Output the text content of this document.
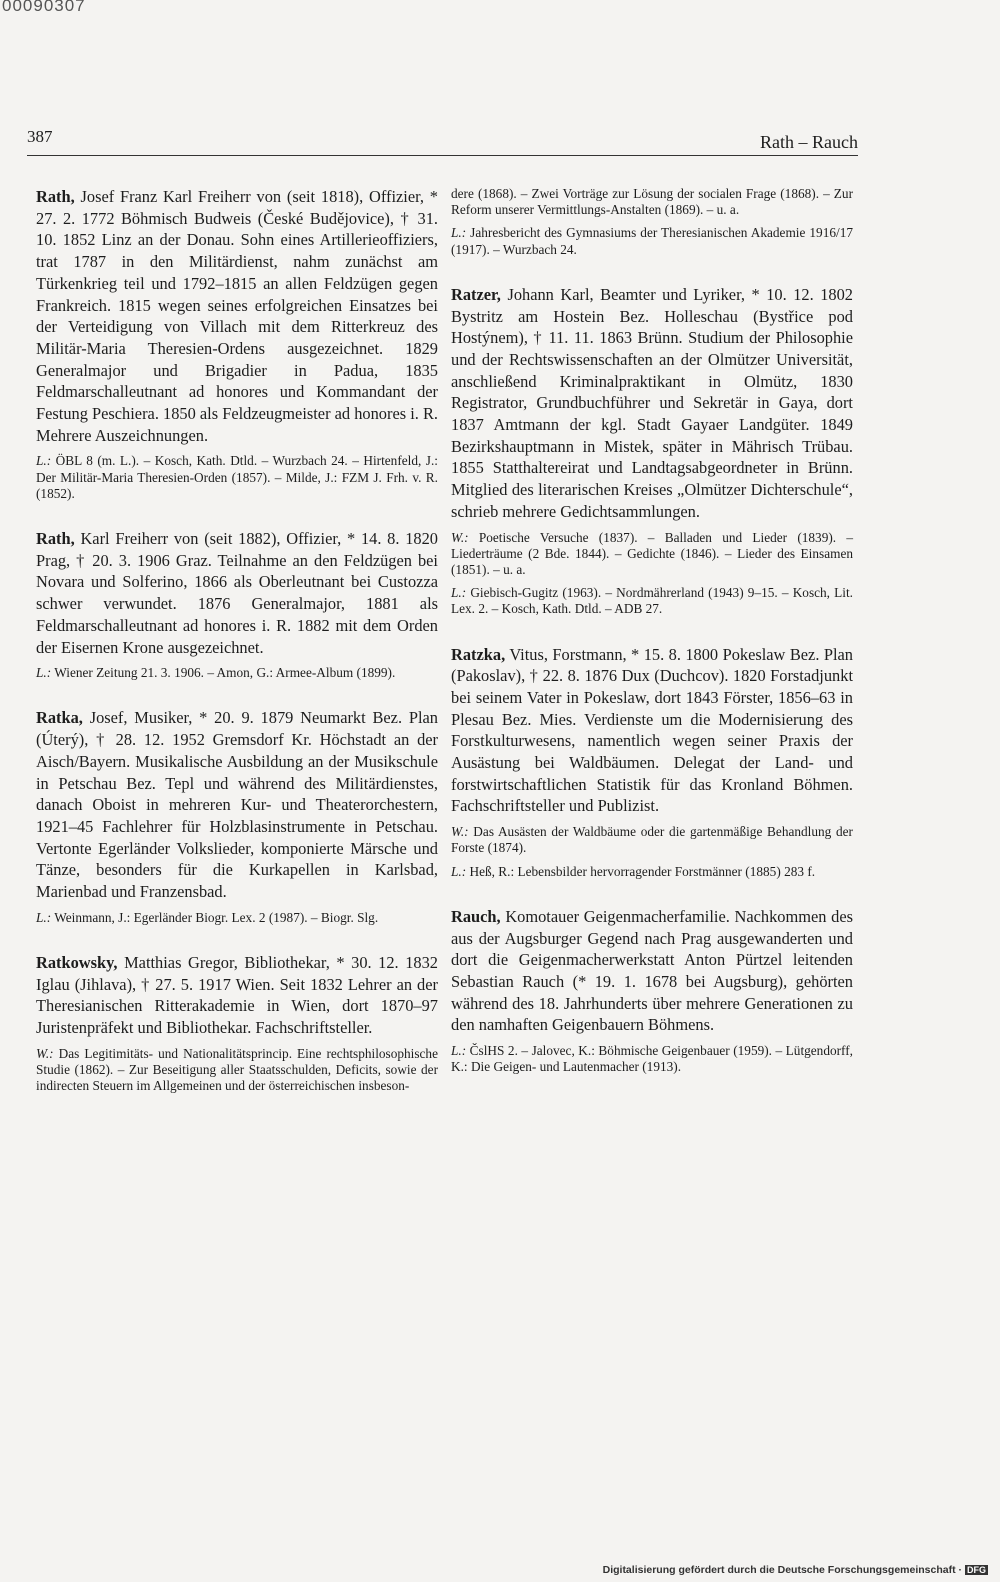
00090307
387	Rath – Rauch

Rath, Josef Franz Karl Freiherr von (seit 1818), Offizier, * 27. 2. 1772 Böhmisch Budweis (České Budějovice), † 31. 10. 1852 Linz an der Donau. Sohn eines Artillerieoffiziers, trat 1787 in den Militärdienst, nahm zunächst am Türkenkrieg teil und 1792–1815 an allen Feldzügen gegen Frankreich. 1815 wegen seines erfolgreichen Einsatzes bei der Verteidigung von Villach mit dem Ritterkreuz des Militär-Maria Theresien-Ordens ausgezeichnet. 1829 Generalmajor und Brigadier in Padua, 1835 Feldmarschalleutnant ad honores und Kommandant der Festung Peschiera. 1850 als Feldzeugmeister ad honores i. R. Mehrere Auszeichnungen.

L.: ÖBL 8 (m. L.). – Kosch, Kath. Dtld. – Wurzbach 24. – Hirtenfeld, J.: Der Militär-Maria Theresien-Orden (1857). – Milde, J.: FZM J. Frh. v. R. (1852).

Rath, Karl Freiherr von (seit 1882), Offizier, * 14. 8. 1820 Prag, † 20. 3. 1906 Graz. Teilnahme an den Feldzügen bei Novara und Solferino, 1866 als Oberleutnant bei Custozza schwer verwundet. 1876 Generalmajor, 1881 als Feldmarschalleutnant ad honores i. R. 1882 mit dem Orden der Eisernen Krone ausgezeichnet.

L.: Wiener Zeitung 21. 3. 1906. – Amon, G.: Armee-Album (1899).

Ratka, Josef, Musiker, * 20. 9. 1879 Neumarkt Bez. Plan (Úterý), † 28. 12. 1952 Gremsdorf Kr. Höchstadt an der Aisch/Bayern. Musikalische Ausbildung an der Musikschule in Petschau Bez. Tepl und während des Militärdienstes, danach Oboist in mehreren Kur- und Theaterorchestern, 1921–45 Fachlehrer für Holzblasinstrumente in Petschau. Vertonte Egerländer Volkslieder, komponierte Märsche und Tänze, besonders für die Kurkapellen in Karlsbad, Marienbad und Franzensbad.

L.: Weinmann, J.: Egerländer Biogr. Lex. 2 (1987). – Biogr. Slg.

Ratkowsky, Matthias Gregor, Bibliothekar, * 30. 12. 1832 Iglau (Jihlava), † 27. 5. 1917 Wien. Seit 1832 Lehrer an der Theresianischen Ritterakademie in Wien, dort 1870–97 Juristenpräfekt und Bibliothekar. Fachschriftsteller.

W.: Das Legitimitäts- und Nationalitätsprincip. Eine rechtsphilosophische Studie (1862). – Zur Beseitigung aller Staatsschulden, Deficits, sowie der indirecten Steuern im Allgemeinen und der österreichischen insbeson-

dere (1868). – Zwei Vorträge zur Lösung der socialen Frage (1868). – Zur Reform unserer Vermittlungs-Anstalten (1869). – u. a.

L.: Jahresbericht des Gymnasiums der Theresianischen Akademie 1916/17 (1917). – Wurzbach 24.

Ratzer, Johann Karl, Beamter und Lyriker, * 10. 12. 1802 Bystritz am Hostein Bez. Holleschau (Bystřice pod Hostýnem), † 11. 11. 1863 Brünn. Studium der Philosophie und der Rechtswissenschaften an der Olmützer Universität, anschließend Kriminalpraktikant in Olmütz, 1830 Registrator, Grundbuchführer und Sekretär in Gaya, dort 1837 Amtmann der kgl. Stadt Gayaer Landgüter. 1849 Bezirkshauptmann in Mistek, später in Mährisch Trübau. 1855 Statthaltereirat und Landtagsabgeordneter in Brünn. Mitglied des literarischen Kreises „Olmützer Dichterschule“, schrieb mehrere Gedichtsammlungen.

W.: Poetische Versuche (1837). – Balladen und Lieder (1839). – Liederträume (2 Bde. 1844). – Gedichte (1846). – Lieder des Einsamen (1851). – u. a.

L.: Giebisch-Gugitz (1963). – Nordmährerland (1943) 9–15. – Kosch, Lit. Lex. 2. – Kosch, Kath. Dtld. – ADB 27.

Ratzka, Vitus, Forstmann, * 15. 8. 1800 Pokeslaw Bez. Plan (Pakoslav), † 22. 8. 1876 Dux (Duchcov). 1820 Forstadjunkt bei seinem Vater in Pokeslaw, dort 1843 Förster, 1856–63 in Plesau Bez. Mies. Verdienste um die Modernisierung des Forstkulturwesens, namentlich wegen seiner Praxis der Ausästung bei Waldbäumen. Delegat der Land- und forstwirtschaftlichen Statistik für das Kronland Böhmen. Fachschriftsteller und Publizist.

W.: Das Ausästen der Waldbäume oder die gartenmäßige Behandlung der Forste (1874).

L.: Heß, R.: Lebensbilder hervorragender Forstmänner (1885) 283 f.

Rauch, Komotauer Geigenmacherfamilie. Nachkommen des aus der Augsburger Gegend nach Prag ausgewanderten und dort die Geigenmacherwerkstatt Anton Pürtzel leitenden Sebastian Rauch (* 19. 1. 1678 bei Augsburg), gehörten während des 18. Jahrhunderts über mehrere Generationen zu den namhaften Geigenbauern Böhmens.

L.: ČslHS 2. – Jalovec, K.: Böhmische Geigenbauer (1959). – Lütgendorff, K.: Die Geigen- und Lautenmacher (1913).

Digitalisierung gefördert durch die Deutsche Forschungsgemeinschaft · DFG
